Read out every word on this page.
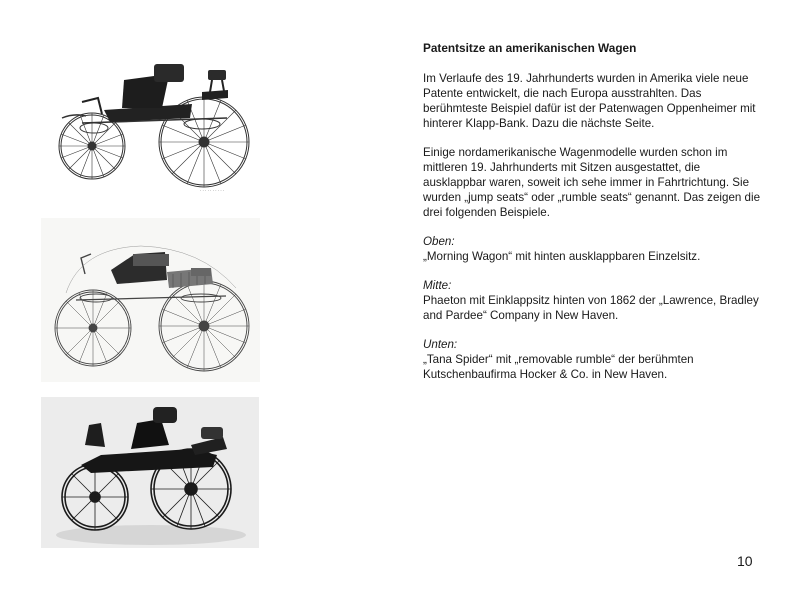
· · · · · · · · · ·
Patentsitze an amerikanischen Wagen

Im Verlaufe des 19. Jahrhunderts wurden in Amerika viele neue Patente entwickelt, die nach Europa ausstrahlten. Das berühmteste Beispiel dafür ist der Patenwagen Oppenheimer mit hinterer Klapp-Bank. Dazu die nächste Seite.

Einige nordamerikanische Wagenmodelle wurden schon im mittleren 19. Jahrhunderts mit Sitzen ausgestattet, die ausklappbar waren, soweit ich sehe immer in Fahrtrichtung. Sie wurden „jump seats“ oder „rumble seats“ genannt. Das zeigen die drei folgenden Beispiele.

Oben:
„Morning Wagon“ mit hinten ausklappbaren Einzelsitz.
Mitte:
Phaeton mit Einklappsitz hinten von 1862 der „Lawrence, Bradley and Pardee“ Company in New Haven.
Unten:
„Tana Spider“ mit „removable rumble“ der berühmten Kutschenbaufirma Hocker & Co. in New Haven.
10
